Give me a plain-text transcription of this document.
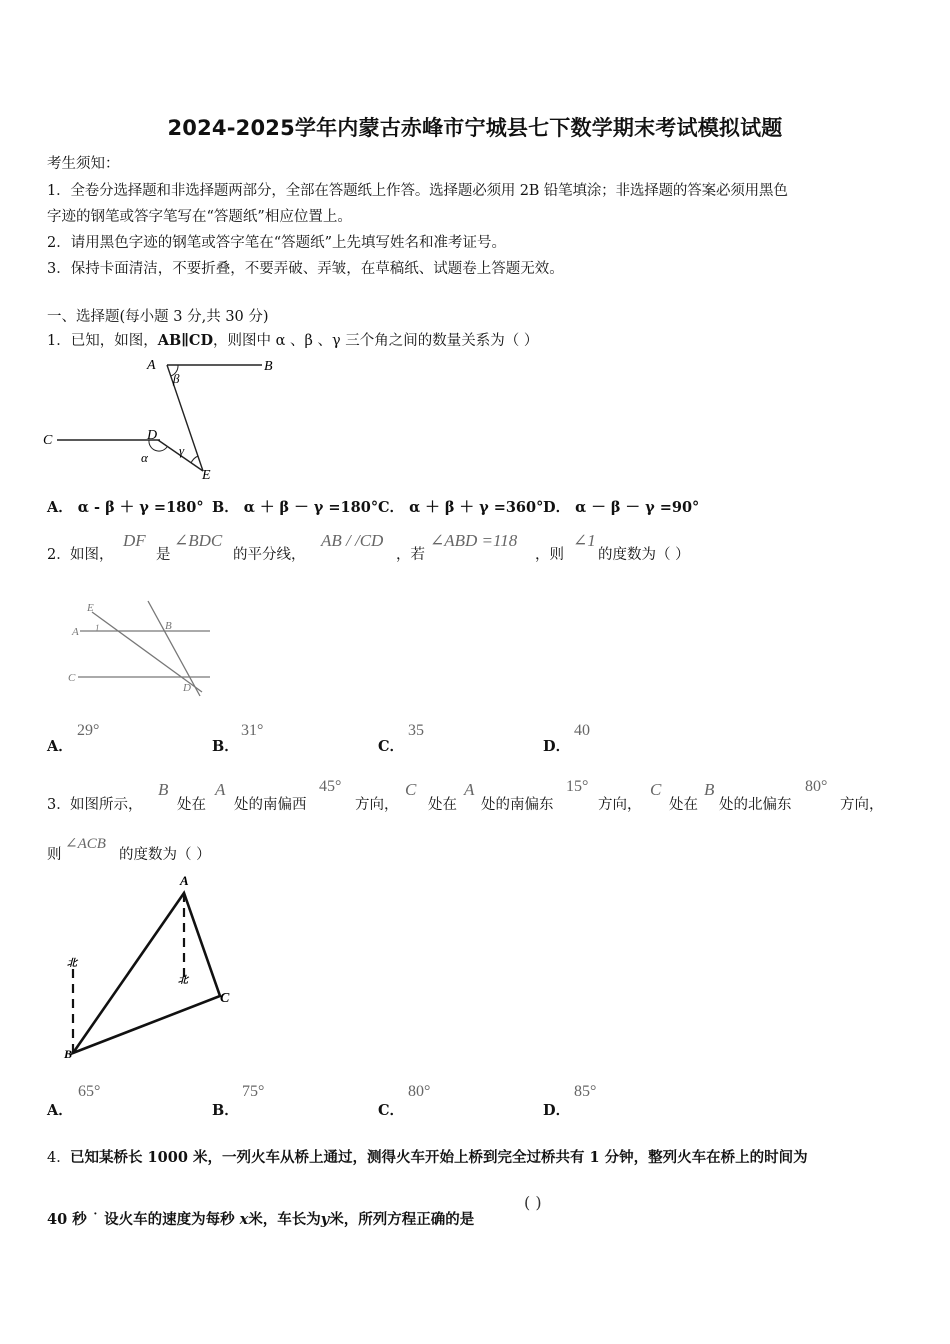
2024-2025学年内蒙古赤峰市宁城县七下数学期末考试模拟试题
考生须知：
1．全卷分选择题和非选择题两部分，全部在答题纸上作答。选择题必须用 2B 铅笔填涂；非选择题的答案必须用黑色
字迹的钢笔或答字笔写在“答题纸”相应位置上。
2．请用黑色字迹的钢笔或答字笔在“答题纸”上先填写姓名和准考证号。
3．保持卡面清洁，不要折叠，不要弄破、弄皱，在草稿纸、试题卷上答题无效。
一、选择题(每小题 3 分,共 30 分)
1．已知，如图，AB∥CD，则图中 α 、β 、γ 三个角之间的数量关系为（ ）
A	B
C	D
E
β
α γ
A． α - β ＋ γ =180° B． α ＋ β － γ =180° C． α ＋ β ＋ γ =360° D． α － β － γ =90°
2． 如图，
DF
是
∠BDC
的平分线，
AB / /CD
，若
∠ABD =118
，则
∠1
的度数为（ ）
E
A 1	B
C
D
A．
29°
B．
31°
C．
35
D．
40
3． 如图所示，
B
处在
A
处的南偏西
45°
方向，
C
处在
A
处的南偏东
15°
方向，
C
处在
B
处的北偏东
80°
方向，
则
∠ACB
的度数为（ ）
A
B
C
北
北
A．
65°
B．
75°
C．
80°
D．
85°
4． 已知某桥长 1000 米，一列火车从桥上通过，测得火车开始上桥到完全过桥共有 1 分钟，整列火车在桥上的时间为
40 秒 ˙ 设火车的速度为每秒 x米，车长为y米，所列方程正确的是
( )
